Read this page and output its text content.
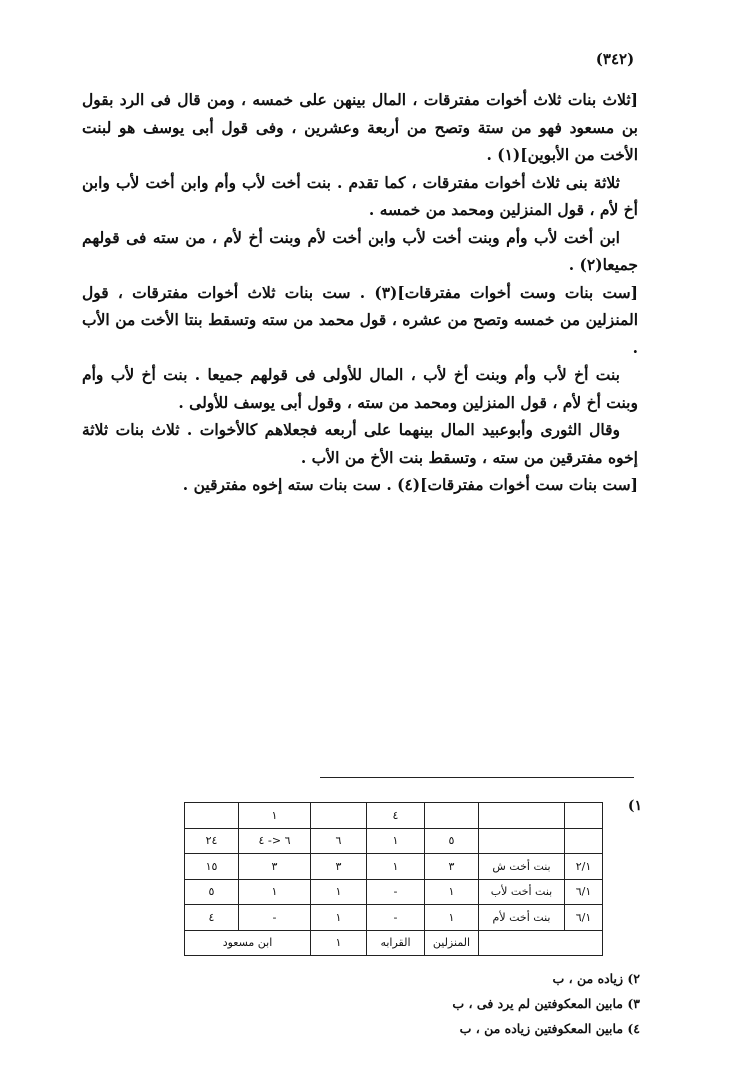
(٣٤٢)

[ثلاث بنات ثلاث أخوات مفترقات ، المال بينهن على خمسه ، ومن قال فى الرد بقول بن مسعود فهو من ستة وتصح من أربعة وعشرين ، وفى قول أبى يوسف هو لبنت الأخت من الأبوين](١) .

ثلاثة بنى ثلاث أخوات مفترقات ، كما تقدم . بنت أخت لأب وأم وابن أخت لأب وابن أخ لأم ، قول المنزلين ومحمد من خمسه .

ابن أخت لأب وأم وبنت أخت لأب وابن أخت لأم وبنت أخ لأم ، من سته فى قولهم جميعا(٢) .

[ست بنات وست أخوات مفترقات](٣) . ست بنات ثلاث أخوات مفترقات ، قول المنزلين من خمسه وتصح من عشره ، قول محمد من سته وتسقط بنتا الأخت من الأب .

بنت أخ لأب وأم وبنت أخ لأب ، المال للأولى فى قولهم جميعا . بنت أخ لأب وأم وبنت أخ لأم ، قول المنزلين ومحمد من سته ، وقول أبى يوسف للأولى .

وقال الثورى وأبوعبيد المال بينهما على أربعه فجعلاهم كالأخوات . ثلاث بنات ثلاثة إخوه مفترقين من سته ، وتسقط بنت الأخ من الأب .

[ست بنات ست أخوات مفترقات](٤) . ست بنات سته إخوه مفترقين .

١)
			٤		١	
		٥	١	٦	٦ <- ٤	٢٤
٢/١	بنت أخت ش	٣	١	٣	٣	١٥
٦/١	بنت أخت لأب	١	-	١	١	٥
٦/١	بنت أخت لأم	١	-	١	-	٤
		المنزلين	القرابه	١	ابن مسعود	

٢) زياده من ، ب

٣) مابين المعكوفتين لم يرد فى ، ب

٤) مابين المعكوفتين زياده من ، ب
